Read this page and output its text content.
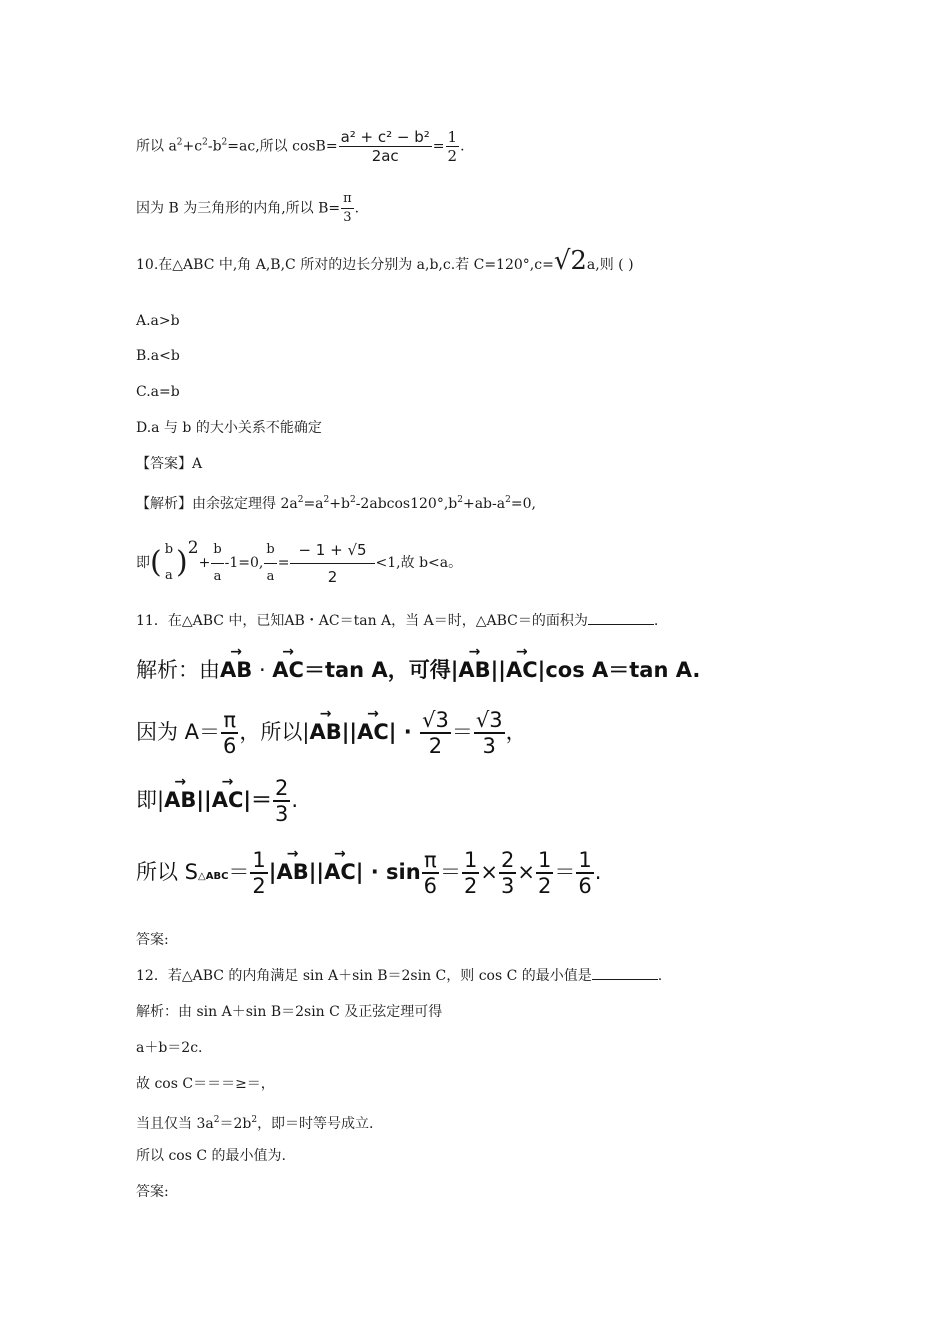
所以 $a^2+c^2-b^2=ac$,所以 $\cos B= \frac{\text{a² + c² − b²}}{2ac} = \frac{1}{2}$ .
因为 B 为三角形的内角,所以 $B= \frac{\pi}{3}$ .
10.在△ABC 中,角 A,B,C 所对的边长分别为 a,b,c.若 C=120°,c=√2a,则 ( )
A.a>b
B.a<b
C.a=b
D.a 与 b 的大小关系不能确定
【答案】A
【解析】由余弦定理得 $2a^2=a^2+b^2-2abcos120^\circ,b^2+ab-a^2=0$,
即( b
a )$2+ \frac{b}{a} -1=0$, $\frac{b}{a} = \frac{- 1 + √5}{2} <1$,故 b<a。
11．在△ABC 中，已知AB・AC＝tan A，当 A＝时，△ABC＝的面积为	.
解析：由→ AB · → AC＝tan A，可得|→ AB||→ AC|cos A＝tan A.
因为 $A= \frac{\pi}{6}$ ，所以|→ $AB||\to AC| \cdot \frac{√3}{2} = \frac{√3}{3}$ ，
即|→ $AB||\to AC|= \frac{2}{3}$ .
所以 S△ABC＝ $\frac{1}{2}$ |→ $AB||\to AC| \cdot \sin \frac{\pi}{6} = \frac{1}{2} \times \frac{2}{3} \times \frac{1}{2} = \frac{1}{6}$ .
答案:
12．若△ABC 的内角满足 sin A＋sin B＝2sin C，则 cos C 的最小值是	.
解析：由 sin A＋sin B＝2sin C 及正弦定理可得
a＋b＝2c.
故 cos C＝＝＝≥＝，
当且仅当 $3a^2=2b^2$，即＝时等号成立.
所以 cos C 的最小值为.
答案:
